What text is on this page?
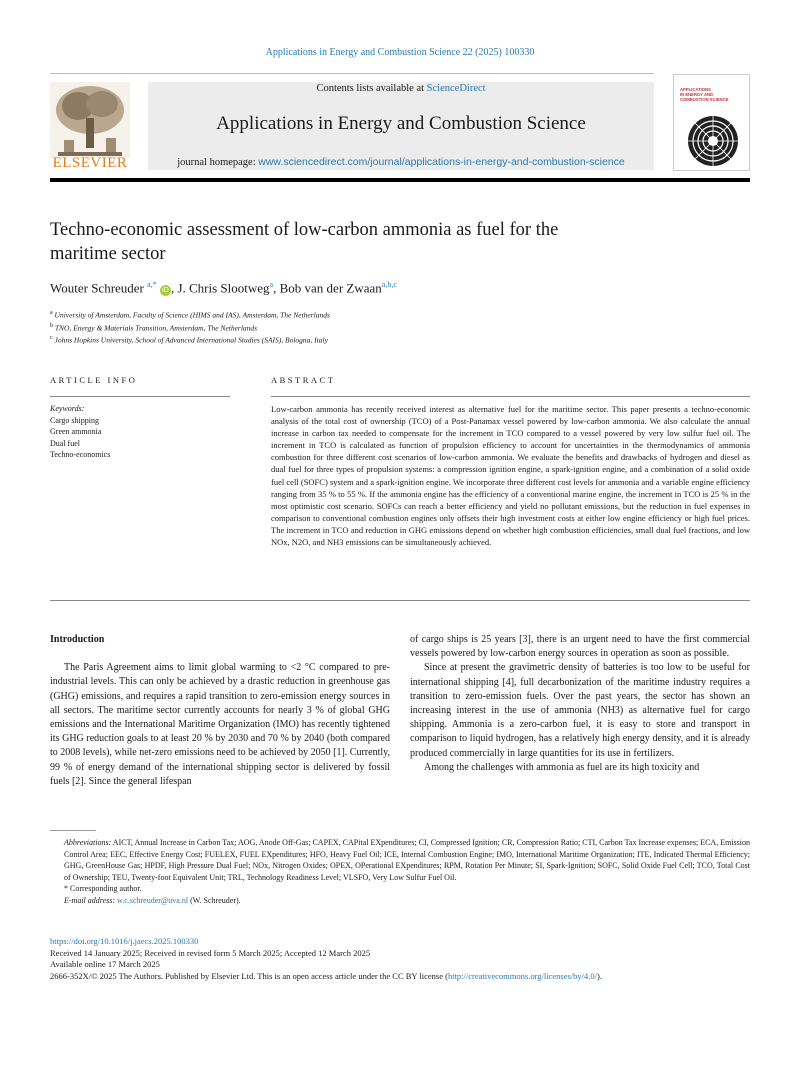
Applications in Energy and Combustion Science 22 (2025) 100330
ELSEVIER
Contents lists available at ScienceDirect
Applications in Energy and Combustion Science
journal homepage: www.sciencedirect.com/journal/applications-in-energy-and-combustion-science
APPLICATIONS
IN ENERGY AND
COMBUSTION SCIENCE
Techno-economic assessment of low-carbon ammonia as fuel for the maritime sector
Wouter Schreuder $^{a,*}$ iD , J. Chris Slootweg$^a$, Bob van der Zwaan$^{a,b,c}$
$^a$ University of Amsterdam, Faculty of Science (HIMS and IAS), Amsterdam, The Netherlands
$^b$ TNO, Energy & Materials Transition, Amsterdam, The Netherlands
$^c$ Johns Hopkins University, School of Advanced International Studies (SAIS), Bologna, Italy
ARTICLE INFO	ABSTRACT
Keywords:
Cargo shipping
Green ammonia
Dual fuel
Techno-economics
Low-carbon ammonia has recently received interest as alternative fuel for the maritime sector. This paper presents a techno-economic analysis of the total cost of ownership (TCO) of a Post-Panamax vessel powered by low-carbon ammonia. We also calculate the annual increase in carbon tax needed to compensate for the increment in TCO compared to a vessel powered by very low sulfur fuel oil. The increment in TCO is calculated as function of propulsion efficiency to account for uncertainties in the thermodynamics of ammonia combustion for three different cost scenarios of low-carbon ammonia. We evaluate the benefits and drawbacks of hydrogen and diesel as dual fuel for three types of propulsion systems: a compression ignition engine, a spark-ignition engine, and a combination of a solid oxide fuel cell (SOFC) system and a spark-ignition engine. We incorporate three different cost levels for ammonia and a variable engine efficiency ranging from 35 % to 55 %. If the ammonia engine has the efficiency of a conventional marine engine, the increment in TCO is 25 % in the most optimistic cost scenario. SOFCs can reach a better efficiency and yield no pollutant emissions, but the reduction in fuel expenses in comparison to conventional combustion engines only offsets their high investment costs at either low engine efficiency or high fuel prices. The increment in TCO and reduction in GHG emissions depend on whether high combustion efficiencies, small dual fuel fractions, and low NOx, N2O, and NH3 emissions can be simultaneously achieved.
Introduction

The Paris Agreement aims to limit global warming to <2 °C compared to pre-industrial levels. This can only be achieved by a drastic reduction in greenhouse gas (GHG) emissions, and requires a rapid transition to zero-emission energy sources in all sectors. The maritime sector currently accounts for nearly 3 % of global GHG emissions and the International Maritime Organization (IMO) has recently tightened its GHG reduction goals to at least 20 % by 2030 and 70 % by 2040 (both compared to 2008 levels), while net-zero emissions need to be achieved by 2050 [1]. Currently, 99 % of energy demand of the international shipping sector is delivered by fossil fuels [2]. Since the general lifespan

of cargo ships is 25 years [3], there is an urgent need to have the first commercial vessels powered by low-carbon energy sources in operation as soon as possible.

Since at present the gravimetric density of batteries is too low to be useful for international shipping [4], full decarbonization of the maritime industry requires a transition to zero-emission fuels. Over the past years, the sector has shown an increasing interest in the use of ammonia (NH3) as alternative fuel for cargo shipping. Ammonia is a zero-carbon fuel, it is easy to store and transport in comparison to liquid hydrogen, has a relatively high energy density, and it is already produced commercially in large quantities for its use in fertilizers.

Among the challenges with ammonia as fuel are its high toxicity and

Abbreviations: AICT, Annual Increase in Carbon Tax; AOG, Anode Off-Gas; CAPEX, CAPital EXpenditures; CI, Compressed Ignition; CR, Compression Ratio; CTI, Carbon Tax Increase expenses; ECA, Emission Control Area; EEC, Effective Energy Cost; FUELEX, FUEL EXpenditures; HFO, Heavy Fuel Oil; ICE, Internal Combustion Engine; IMO, International Maritime Organization; ITE, Indicated Thermal Efficiency; GHG, GreenHouse Gas; HPDF, High Pressure Dual Fuel; NOx, Nitrogen Oxides; OPEX, OPerational EXpenditures; RPM, Rotation Per Minute; SI, Spark-Ignition; SOFC, Solid Oxide Fuel Cell; TCO, Total Cost of Ownership; TEU, Twenty-foot Equivalent Unit; TRL, Technology Readiness Level; VLSFO, Very Low Sulfur Fuel Oil.
* Corresponding author.
E-mail address: w.c.schreuder@uva.nl (W. Schreuder).
https://doi.org/10.1016/j.jaecs.2025.100330
Received 14 January 2025; Received in revised form 5 March 2025; Accepted 12 March 2025
Available online 17 March 2025
2666-352X/© 2025 The Authors. Published by Elsevier Ltd. This is an open access article under the CC BY license (http://creativecommons.org/licenses/by/4.0/).
